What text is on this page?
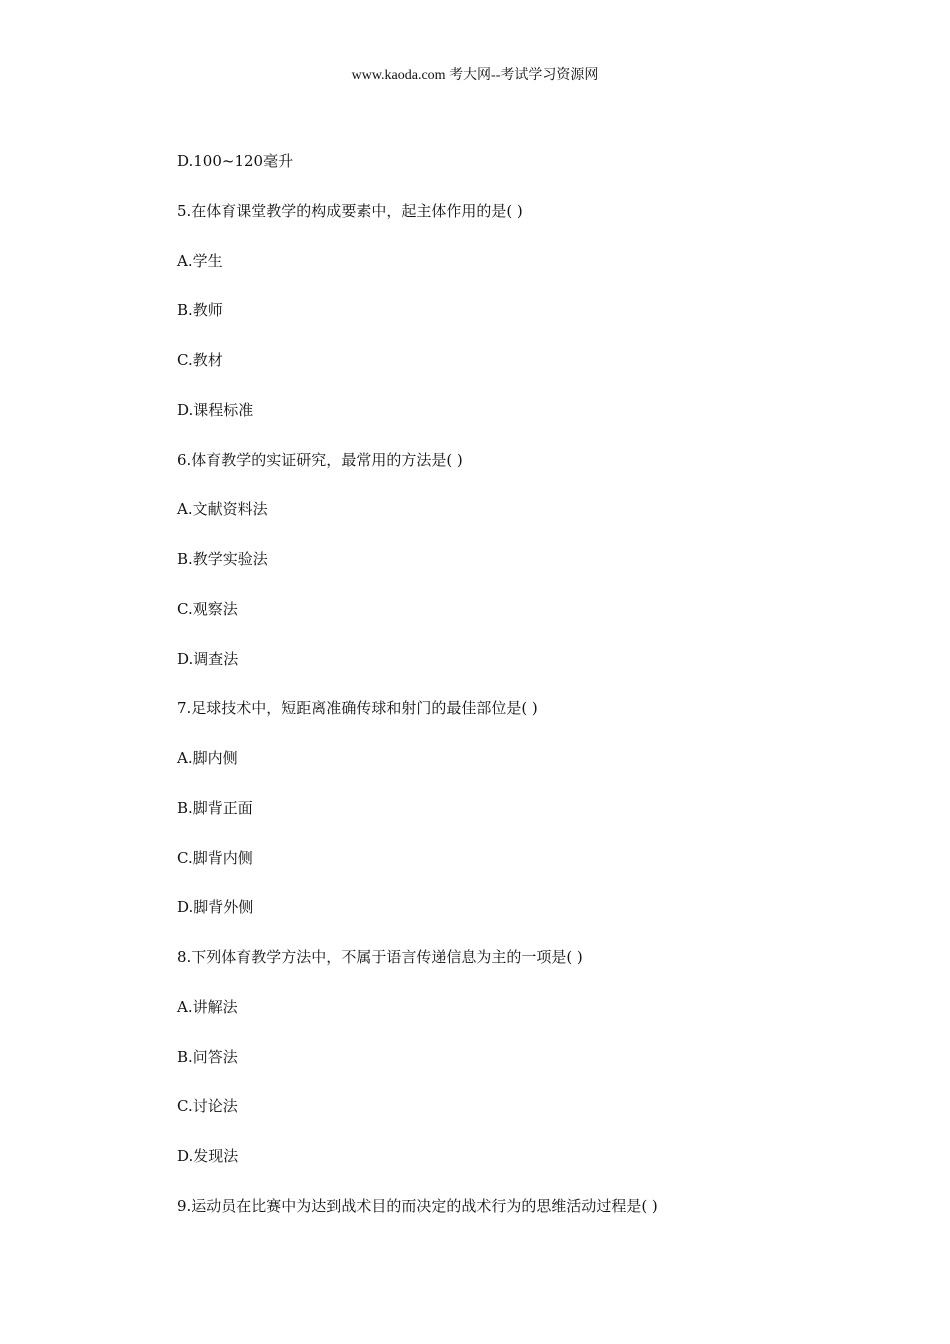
www.kaoda.com 考大网--考试学习资源网
D.100~120毫升
5.在体育课堂教学的构成要素中，起主体作用的是( )
A.学生
B.教师
C.教材
D.课程标准
6.体育教学的实证研究，最常用的方法是( )
A.文献资料法
B.教学实验法
C.观察法
D.调查法
7.足球技术中，短距离准确传球和射门的最佳部位是( )
A.脚内侧
B.脚背正面
C.脚背内侧
D.脚背外侧
8.下列体育教学方法中，不属于语言传递信息为主的一项是( )
A.讲解法
B.问答法
C.讨论法
D.发现法
9.运动员在比赛中为达到战术目的而决定的战术行为的思维活动过程是( )
